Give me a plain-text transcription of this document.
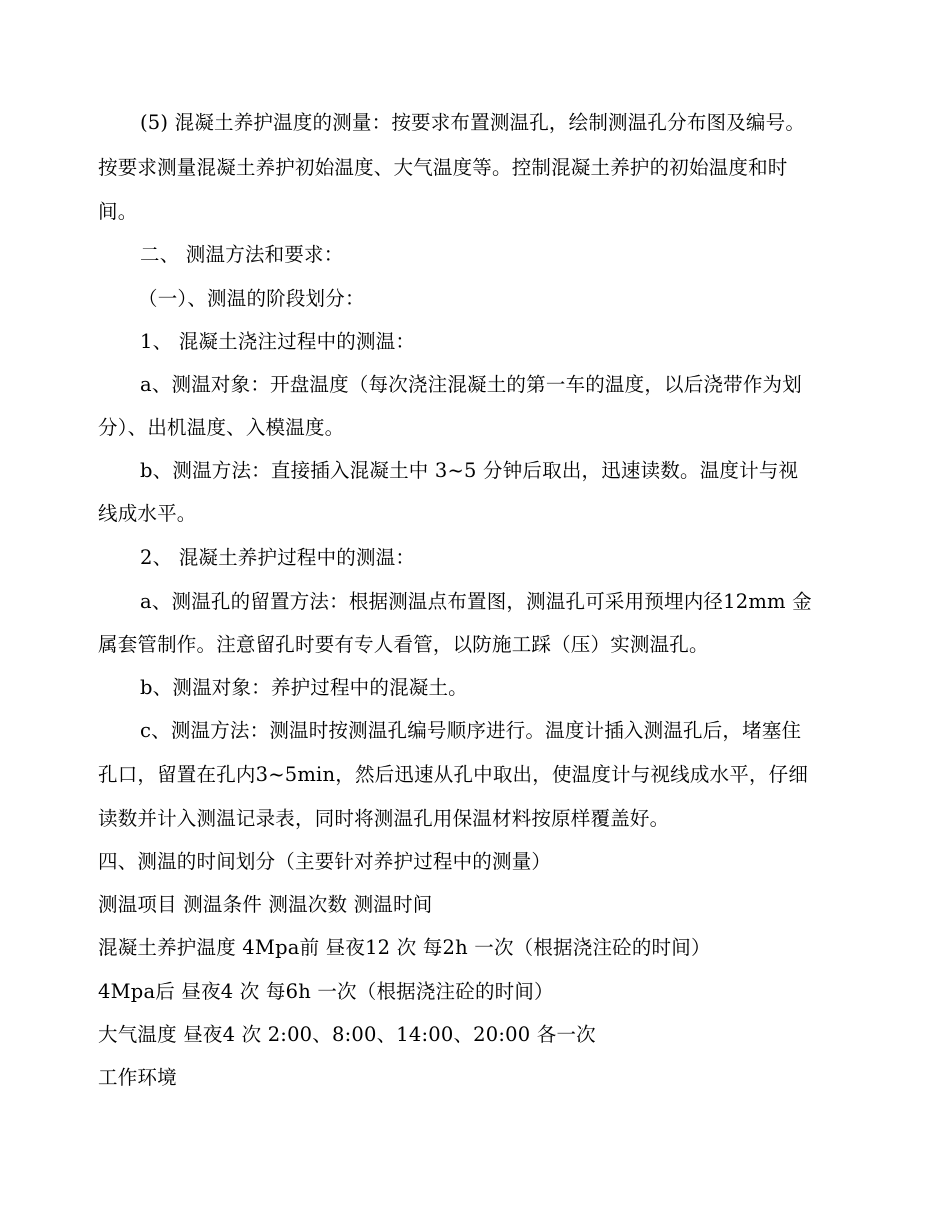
(5) 混凝土养护温度的测量：按要求布置测温孔，绘制测温孔分布图及编号。
按要求测量混凝土养护初始温度、大气温度等。控制混凝土养护的初始温度和时
间。
二、 测温方法和要求：
（一）、测温的阶段划分：
1、 混凝土浇注过程中的测温：
a、测温对象：开盘温度（每次浇注混凝土的第一车的温度，以后浇带作为划
分）、出机温度、入模温度。
b、测温方法：直接插入混凝土中 3~5 分钟后取出，迅速读数。温度计与视
线成水平。
2、 混凝土养护过程中的测温：
a、测温孔的留置方法：根据测温点布置图，测温孔可采用预埋内径12mm 金
属套管制作。注意留孔时要有专人看管，以防施工踩（压）实测温孔。
b、测温对象：养护过程中的混凝土。
c、测温方法：测温时按测温孔编号顺序进行。温度计插入测温孔后，堵塞住
孔口，留置在孔内3~5min，然后迅速从孔中取出，使温度计与视线成水平，仔细
读数并计入测温记录表，同时将测温孔用保温材料按原样覆盖好。
四、测温的时间划分（主要针对养护过程中的测量）
测温项目 测温条件 测温次数 测温时间
混凝土养护温度 4Mpa前 昼夜12 次 每2h 一次（根据浇注砼的时间）
4Mpa后 昼夜4 次 每6h 一次（根据浇注砼的时间）
大气温度 昼夜4 次 2:00、8:00、14:00、20:00 各一次
工作环境
